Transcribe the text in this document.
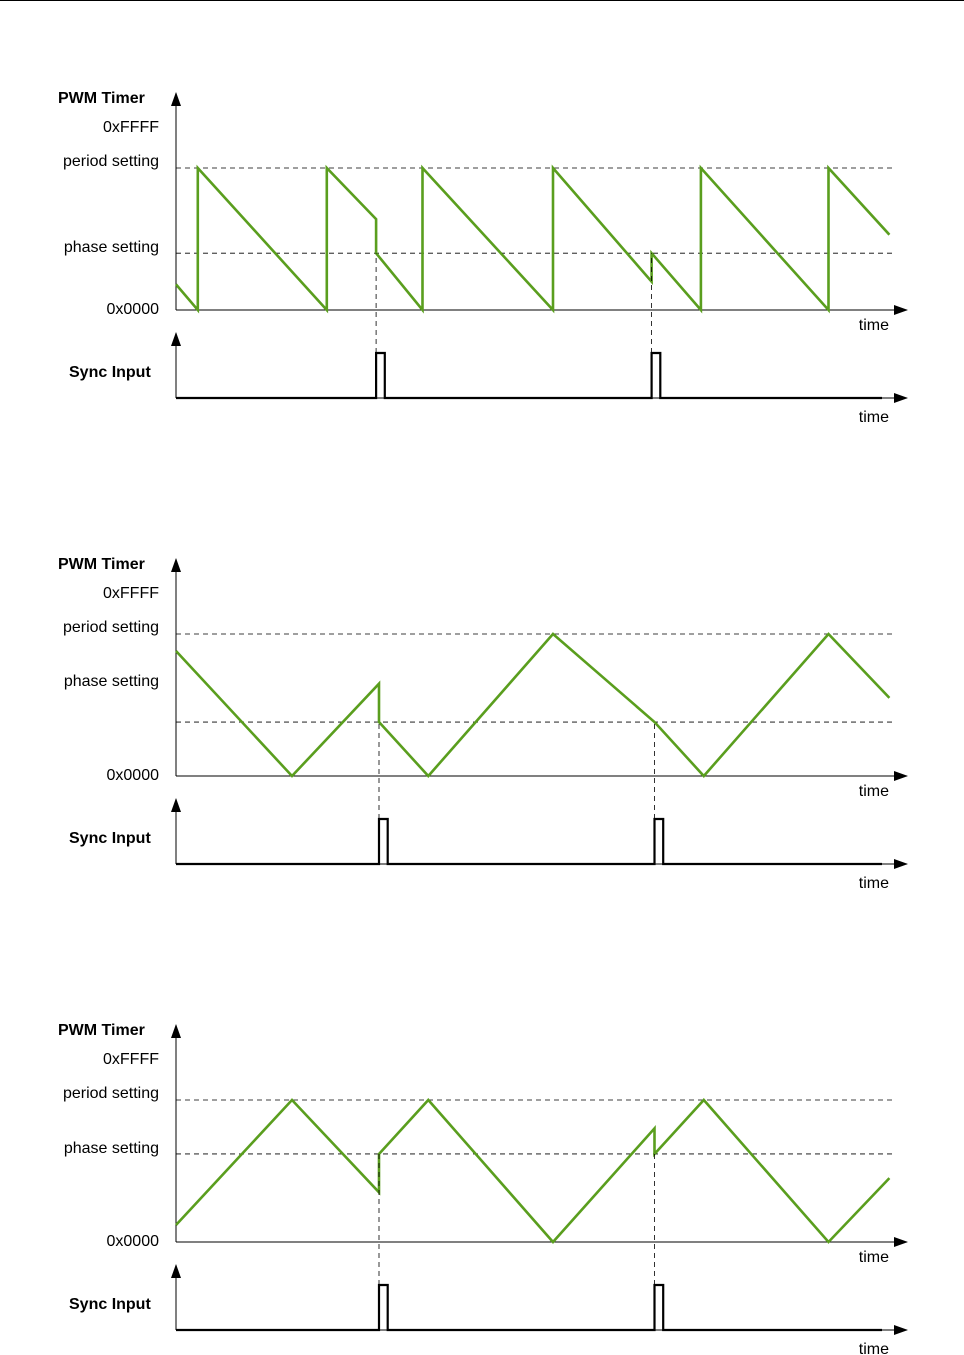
PWM Timer
0xFFFF
period setting
phase setting
0x0000
time
Sync Input
time
PWM Timer
0xFFFF
period setting
phase setting
0x0000
time
Sync Input
time
PWM Timer
0xFFFF
period setting
phase setting
0x0000
time
Sync Input
time
